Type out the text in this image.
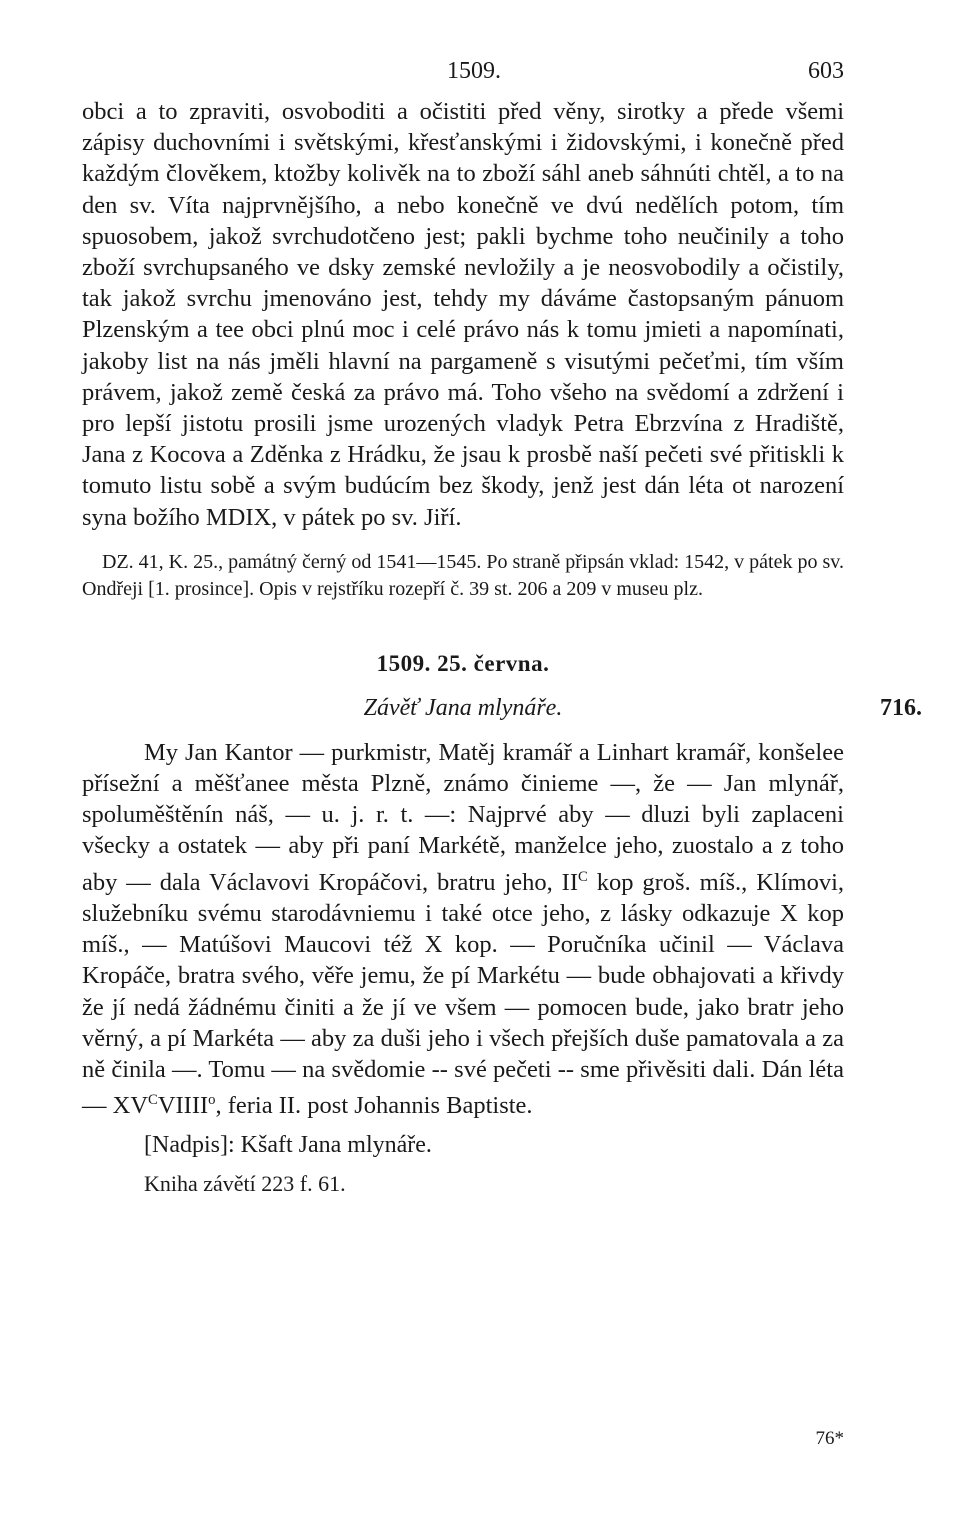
1509.	603

obci a to zpraviti, osvoboditi a očistiti před věny, sirotky a přede všemi zápisy duchovními i světskými, křesťanskými i židovskými, i konečně před každým člověkem, ktožby kolivěk na to zboží sáhl aneb sáhnúti chtěl, a to na den sv. Víta najprvnějšího, a nebo konečně ve dvú nedělích potom, tím spuosobem, jakož svrchudotčeno jest; pakli bychme toho neučinily a toho zboží svrchupsaného ve dsky zemské nevložily a je neosvobodily a očistily, tak jakož svrchu jmenováno jest, tehdy my dáváme častopsaným pánuom Plzenským a tee obci plnú moc i celé právo nás k tomu jmieti a napomínati, jakoby list na nás jměli hlavní na pargameně s visutými pečeťmi, tím vším právem, jakož země česká za právo má. Toho všeho na svědomí a zdržení i pro lepší jistotu prosili jsme urozených vladyk Petra Ebrzvína z Hradiště, Jana z Kocova a Zděnka z Hrádku, že jsau k prosbě naší pečeti své přitiskli k tomuto listu sobě a svým budúcím bez škody, jenž jest dán léta ot narození syna božího MDIX, v pátek po sv. Jiří.

DZ. 41, K. 25., památný černý od 1541—1545. Po straně připsán vklad: 1542, v pátek po sv. Ondřeji [1. prosince]. Opis v rejstříku rozepří č. 39 st. 206 a 209 v museu plz.

1509. 25. června.
Závěť Jana mlynáře.	716.

My Jan Kantor — purkmistr, Matěj kramář a Linhart kramář, konšelee přísežní a měšťanee města Plzně, známo činieme —, že — Jan mlynář, spoluměštěnín náš, — u. j. r. t. —: Najprvé aby — dluzi byli zaplaceni všecky a ostatek — aby při paní Markétě, manželce jeho, zuostalo a z toho aby — dala Václavovi Kropáčovi, bratru jeho, $II^C$ kop groš. míš., Klímovi, služebníku svému starodávniemu i také otce jeho, z lásky odkazuje X kop míš., — Matúšovi Maucovi též X kop. — Poručníka učinil — Václava Kropáče, bratra svého, věře jemu, že pí Markétu — bude obhajovati a křivdy že jí nedá žádnému činiti a že jí ve všem — pomocen bude, jako bratr jeho věrný, a pí Markéta — aby za duši jeho i všech přejších duše pamatovala a za ně činila —. Tomu — na svědomie -- své pečeti -- sme přivěsiti dali. Dán léta — $XV^CVIIII^o$, feria II. post Johannis Baptiste.

[Nadpis]: Kšaft Jana mlynáře.
Kniha závětí 223 f. 61.
76*
